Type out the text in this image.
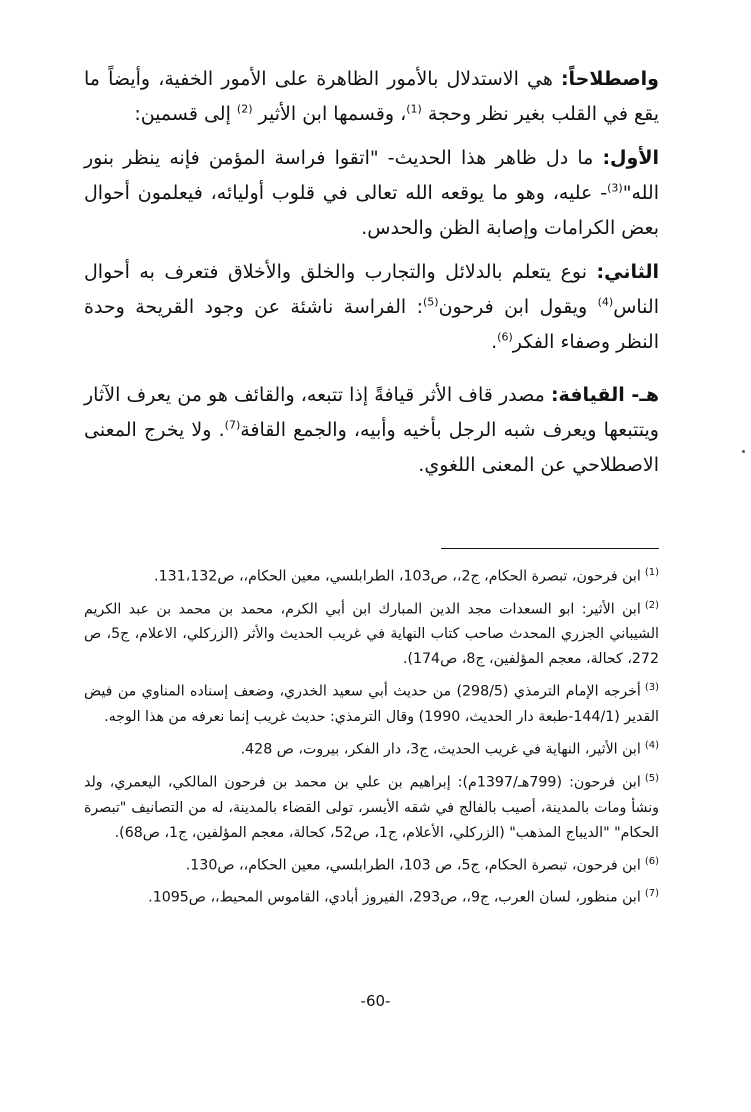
واصطلاحاً: هي الاستدلال بالأمور الظاهرة على الأمور الخفية، وأيضاً ما يقع في القلب بغير نظر وحجة $^{(1)}$، وقسمها ابن الأثير $^{(2)}$ إلى قسمين:

الأول: ما دل ظاهر هذا الحديث- "اتقوا فراسة المؤمن فإنه ينظر بنور الله"$^{(3)}$- عليه، وهو ما يوقعه الله تعالى في قلوب أوليائه، فيعلمون أحوال بعض الكرامات وإصابة الظن والحدس.

الثاني: نوع يتعلم بالدلائل والتجارب والخلق والأخلاق فتعرف به أحوال الناس$^{(4)}$ ويقول ابن فرحون$^{(5)}$: الفراسة ناشئة عن وجود القريحة وحدة النظر وصفاء الفكر$^{(6)}$.

هـ- القيافة: مصدر قاف الأثر قيافةً إذا تتبعه، والقائف هو من يعرف الآثار ويتتبعها ويعرف شبه الرجل بأخيه وأبيه، والجمع القافة$^{(7)}$. ولا يخرج المعنى الاصطلاحي عن المعنى اللغوي.

$^{(1)}$ابن فرحون، تبصرة الحكام، ج2،، ص103، الطرابلسي، معين الحكام،، ص131،132.
$^{(2)}$ابن الأثير: ابو السعدات مجد الدين المبارك ابن أبي الكرم، محمد بن محمد بن عبد الكريم الشيباني الجزري المحدث صاحب كتاب النهاية في غريب الحديث والأثر (الزركلي، الاعلام، ج5، ص 272، كحالة، معجم المؤلفين، ج8، ص174).
$^{(3)}$أخرجه الإمام الترمذي (298/5) من حديث أبي سعيد الخدري، وضعف إسناده المناوي من فيض القدير (144/1-طبعة دار الحديث، 1990) وقال الترمذي: حديث غريب إنما نعرفه من هذا الوجه.
$^{(4)}$ابن الأثير، النهاية في غريب الحديث، ج3، دار الفكر، بيروت، ص 428.
$^{(5)}$ابن فرحون: (799هـ/1397م): إبراهيم بن علي بن محمد بن فرحون المالكي، اليعمري، ولد ونشأ ومات بالمدينة، أصيب بالفالج في شقه الأيسر، تولى القضاء بالمدينة، له من التصانيف "تبصرة الحكام" "الديباج المذهب" (الزركلي، الأعلام، ج1، ص52، كحالة، معجم المؤلفين، ج1، ص68).
$^{(6)}$ابن فرحون، تبصرة الحكام، ج5، ص 103، الطرابلسي، معين الحكام،، ص130.
$^{(7)}$ابن منظور، لسان العرب، ج9،، ص293، الفيروز أبادي، القاموس المحيط،، ص1095.
-60-
